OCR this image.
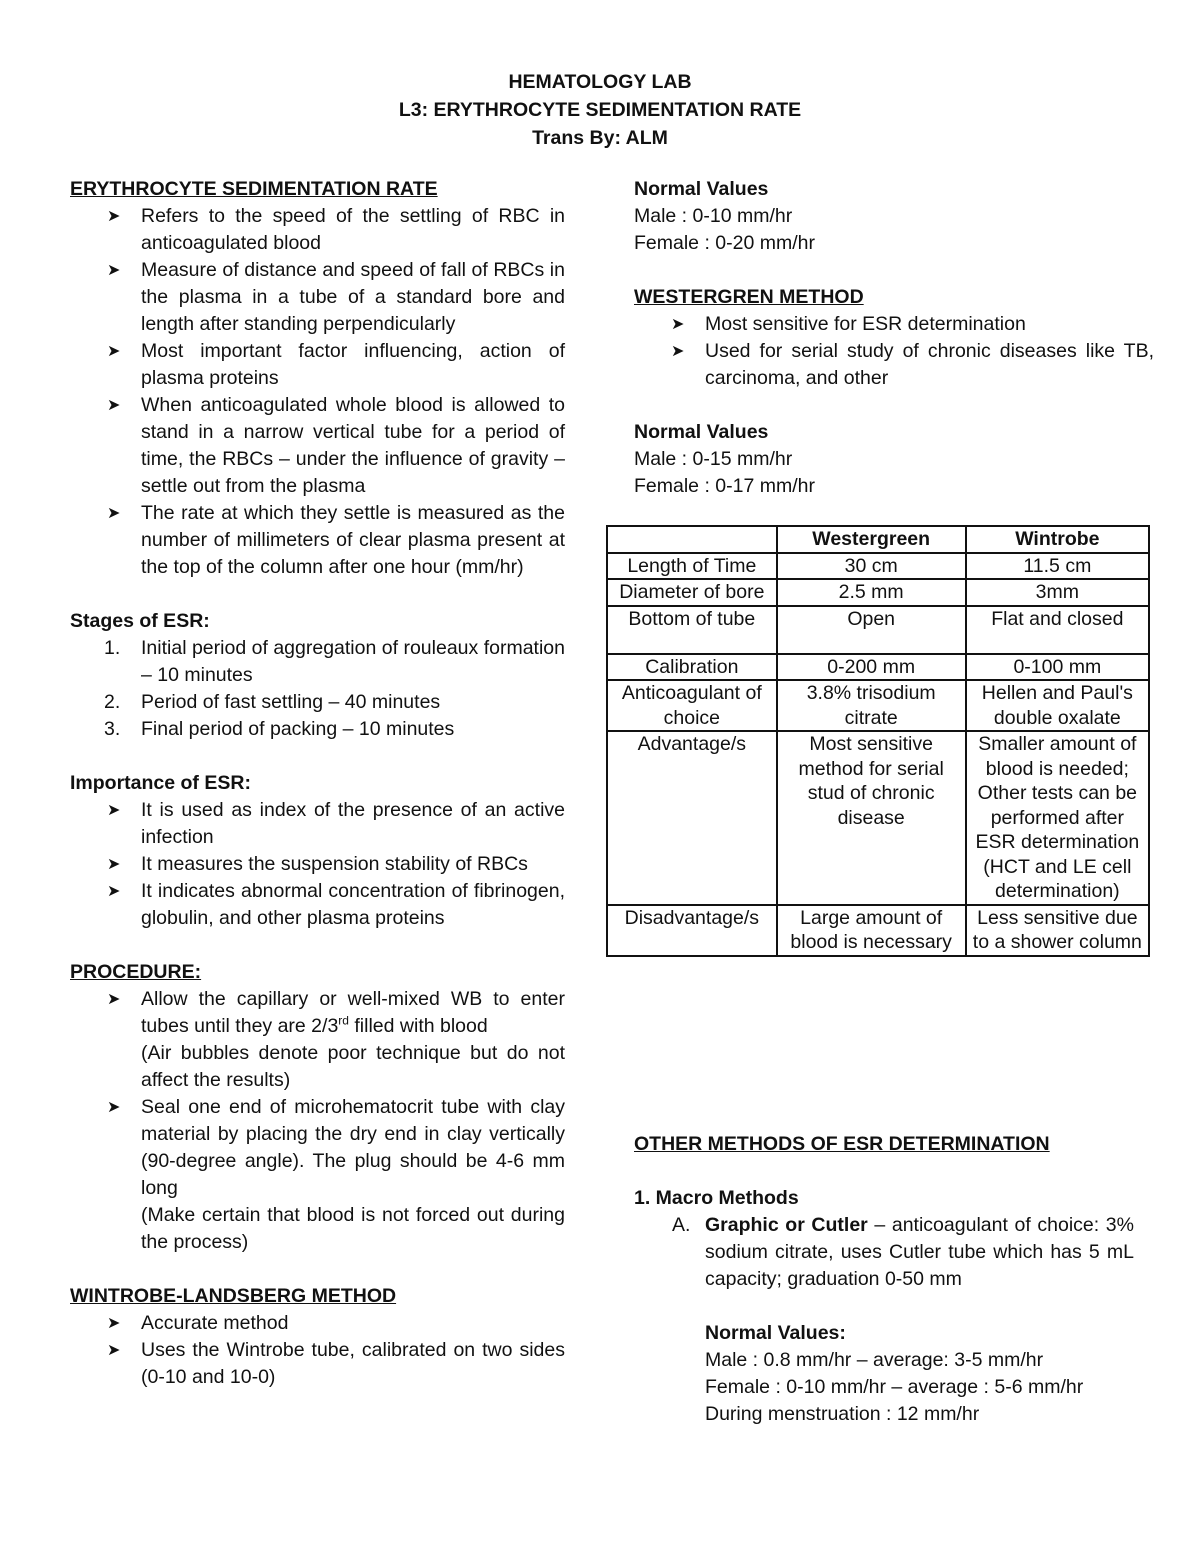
HEMATOLOGY LAB
L3: ERYTHROCYTE SEDIMENTATION RATE
Trans By: ALM
ERYTHROCYTE SEDIMENTATION RATE
➤ Refers to the speed of the settling of RBC in anticoagulated blood
➤ Measure of distance and speed of fall of RBCs in the plasma in a tube of a standard bore and length after standing perpendicularly
➤ Most important factor influencing, action of plasma proteins
➤ When anticoagulated whole blood is allowed to stand in a narrow vertical tube for a period of time, the RBCs – under the influence of gravity – settle out from the plasma
➤ The rate at which they settle is measured as the number of millimeters of clear plasma present at the top of the column after one hour (mm/hr)
Stages of ESR:
1. Initial period of aggregation of rouleaux formation – 10 minutes
2. Period of fast settling – 40 minutes
3. Final period of packing – 10 minutes
Importance of ESR:
➤ It is used as index of the presence of an active infection
➤ It measures the suspension stability of RBCs
➤ It indicates abnormal concentration of fibrinogen, globulin, and other plasma proteins
PROCEDURE:
➤ Allow the capillary or well-mixed WB to enter tubes until they are 2/3rd filled with blood
(Air bubbles denote poor technique but do not affect the results)
➤ Seal one end of microhematocrit tube with clay material by placing the dry end in clay vertically (90-degree angle). The plug should be 4-6 mm long
(Make certain that blood is not forced out during the process)
WINTROBE-LANDSBERG METHOD
➤ Accurate method
➤ Uses the Wintrobe tube, calibrated on two sides (0-10 and 10-0)
Normal Values
Male : 0-10 mm/hr
Female : 0-20 mm/hr
WESTERGREN METHOD
➤ Most sensitive for ESR determination
➤ Used for serial study of chronic diseases like TB, carcinoma, and other
Normal Values
Male : 0-15 mm/hr
Female : 0-17 mm/hr
	Westergreen	Wintrobe
Length of Time	30 cm	11.5 cm
Diameter of bore	2.5 mm	3mm
Bottom of tube	Open	Flat and closed
Calibration	0-200 mm	0-100 mm
Anticoagulant of choice	3.8% trisodium citrate	Hellen and Paul's double oxalate
Advantage/s	Most sensitive method for serial stud of chronic disease	Smaller amount of blood is needed; Other tests can be performed after ESR determination (HCT and LE cell determination)
Disadvantage/s	Large amount of blood is necessary	Less sensitive due to a shower column
OTHER METHODS OF ESR DETERMINATION
1. Macro Methods
A. Graphic or Cutler – anticoagulant of choice: 3% sodium citrate, uses Cutler tube which has 5 mL capacity; graduation 0-50 mm
Normal Values:
Male : 0.8 mm/hr – average: 3-5 mm/hr
Female : 0-10 mm/hr – average : 5-6 mm/hr
During menstruation : 12 mm/hr
